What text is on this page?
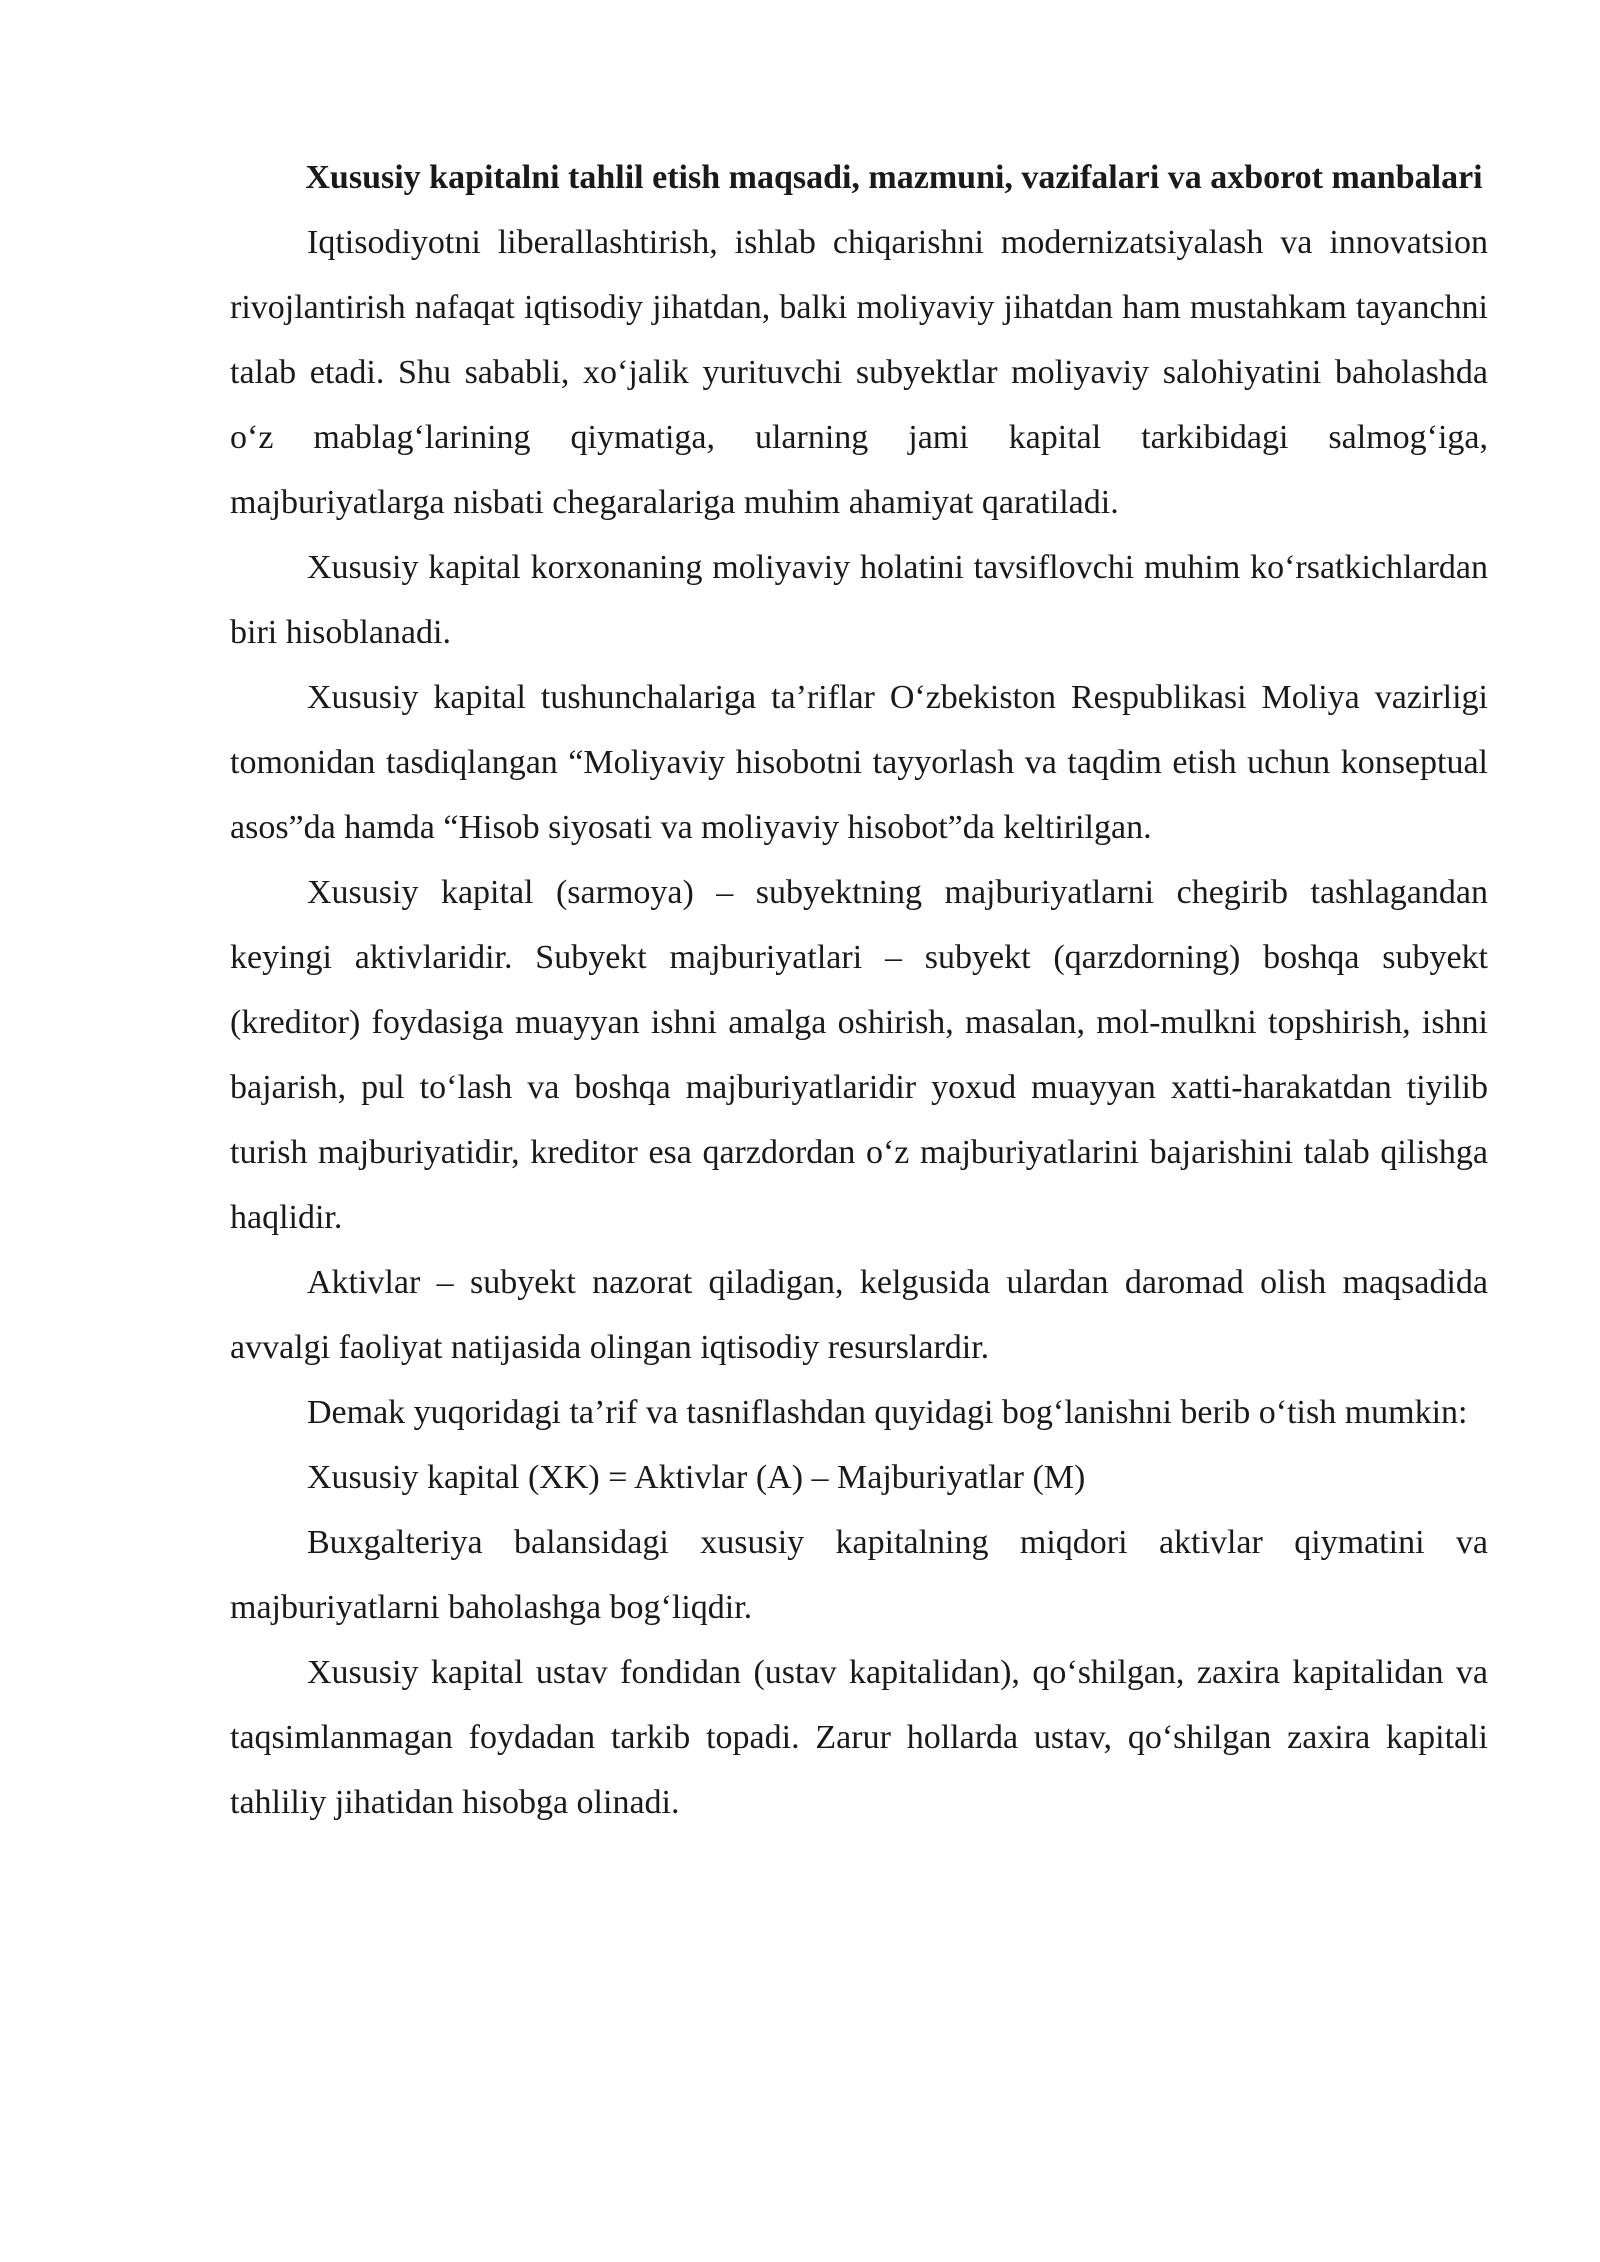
Xususiy kapitalni tahlil etish maqsadi, mazmuni, vazifalari va axborot manbalari

Iqtisodiyotni liberallashtirish, ishlab chiqarishni modernizatsiyalash va innovatsion rivojlantirish nafaqat iqtisodiy jihatdan, balki moliyaviy jihatdan ham mustahkam tayanchni talab etadi. Shu sababli, xo‘jalik yurituvchi subyektlar moliyaviy salohiyatini baholashda o‘z mablag‘larining qiymatiga, ularning jami kapital tarkibidagi salmog‘iga, majburiyatlarga nisbati chegaralariga muhim ahamiyat qaratiladi.

Xususiy kapital korxonaning moliyaviy holatini tavsiflovchi muhim ko‘rsatkichlardan biri hisoblanadi.

Xususiy kapital tushunchalariga ta’riflar O‘zbekiston Respublikasi Moliya vazirligi tomonidan tasdiqlangan “Moliyaviy hisobotni tayyorlash va taqdim etish uchun konseptual asos”da hamda “Hisob siyosati va moliyaviy hisobot”da keltirilgan.

Xususiy kapital (sarmoya) – subyektning majburiyatlarni chegirib tashlagandan keyingi aktivlaridir. Subyekt majburiyatlari – subyekt (qarzdorning) boshqa subyekt (kreditor) foydasiga muayyan ishni amalga oshirish, masalan, mol-mulkni topshirish, ishni bajarish, pul to‘lash va boshqa majburiyatlaridir yoxud muayyan xatti-harakatdan tiyilib turish majburiyatidir, kreditor esa qarzdordan o‘z majburiyatlarini bajarishini talab qilishga haqlidir.

Aktivlar – subyekt nazorat qiladigan, kelgusida ulardan daromad olish maqsadida avvalgi faoliyat natijasida olingan iqtisodiy resurslardir.

Demak yuqoridagi ta’rif va tasniflashdan quyidagi bog‘lanishni berib o‘tish mumkin:

Xususiy kapital (XK) = Aktivlar (A) – Majburiyatlar (M)

Buxgalteriya balansidagi xususiy kapitalning miqdori aktivlar qiymatini va majburiyatlarni baholashga bog‘liqdir.

Xususiy kapital ustav fondidan (ustav kapitalidan), qo‘shilgan, zaxira kapitalidan va taqsimlanmagan foydadan tarkib topadi. Zarur hollarda ustav, qo‘shilgan zaxira kapitali tahliliy jihatidan hisobga olinadi.
